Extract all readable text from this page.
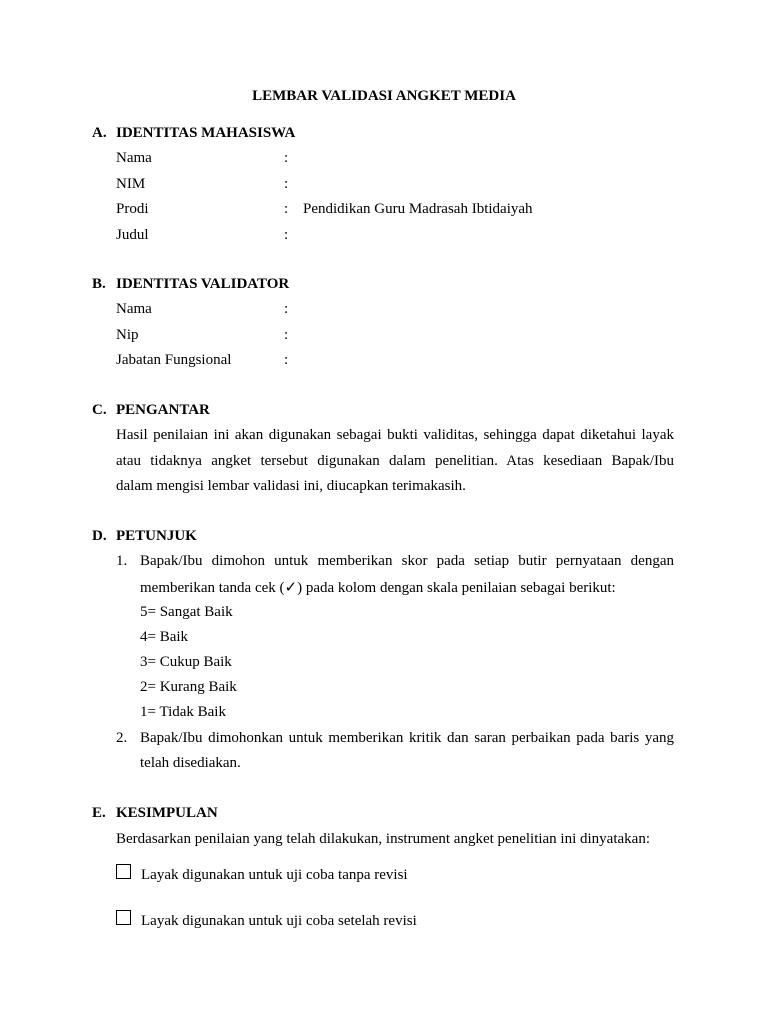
LEMBAR VALIDASI ANGKET MEDIA
A. IDENTITAS MAHASISWA
Nama	:
NIM	:
Prodi	: Pendidikan Guru Madrasah Ibtidaiyah
Judul	:
B. IDENTITAS VALIDATOR
Nama	:
Nip	:
Jabatan Fungsional	:
C. PENGANTAR
Hasil penilaian ini akan digunakan sebagai bukti validitas, sehingga dapat diketahui layak
atau tidaknya angket tersebut digunakan dalam penelitian. Atas kesediaan Bapak/Ibu
dalam mengisi lembar validasi ini, diucapkan terimakasih.
D. PETUNJUK
1. Bapak/Ibu dimohon untuk memberikan skor pada setiap butir pernyataan dengan
memberikan tanda cek (✓) pada kolom dengan skala penilaian sebagai berikut:
5= Sangat Baik
4= Baik
3= Cukup Baik
2= Kurang Baik
1= Tidak Baik
2. Bapak/Ibu dimohonkan untuk memberikan kritik dan saran perbaikan pada baris yang
telah disediakan.
E. KESIMPULAN
Berdasarkan penilaian yang telah dilakukan, instrument angket penelitian ini dinyatakan:
Layak digunakan untuk uji coba tanpa revisi
Layak digunakan untuk uji coba setelah revisi
